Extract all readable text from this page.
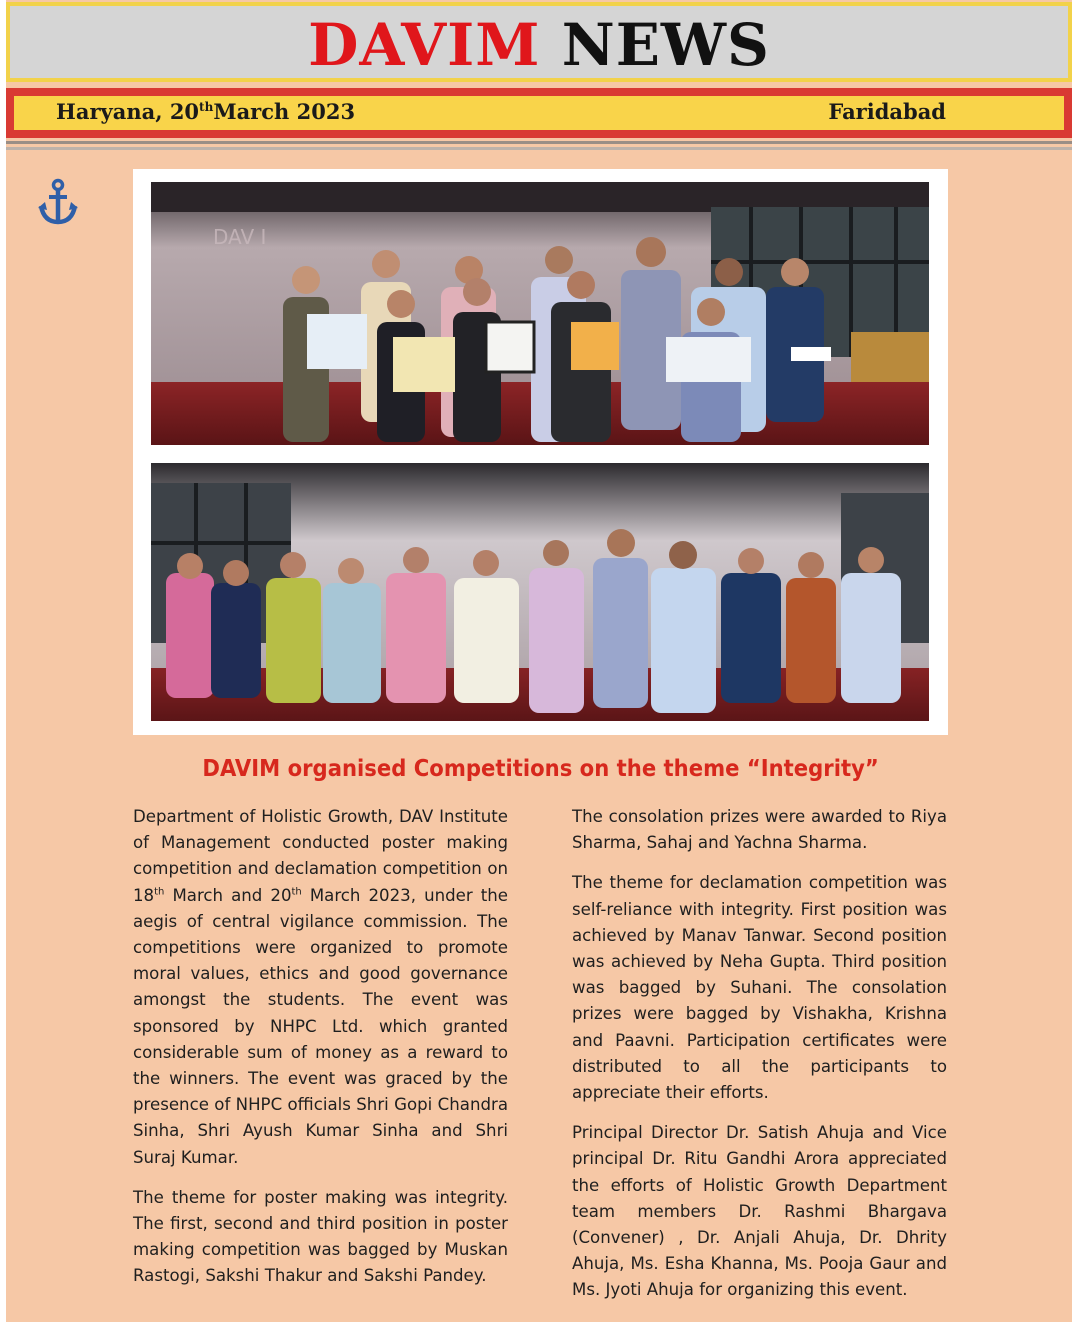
DAVIM NEWS
Haryana, 20thMarch 2023	Faridabad
DAV I
DAVIM organised Competitions on the theme “Integrity”

Department of Holistic Growth, DAV Institute of Management conducted poster making competition and declamation competition on 18th March and 20th March 2023, under the aegis of central vigilance commission. The competitions were organized to promote moral values, ethics and good governance amongst the students. The event was sponsored by NHPC Ltd. which granted considerable sum of money as a reward to the winners. The event was graced by the presence of NHPC officials Shri Gopi Chandra Sinha, Shri Ayush Kumar Sinha and Shri Suraj Kumar.

The theme for poster making was integrity. The first, second and third position in poster making competition was bagged by Muskan Rastogi, Sakshi Thakur and Sakshi Pandey.

The consolation prizes were awarded to Riya Sharma, Sahaj and Yachna Sharma.

The theme for declamation competition was self-reliance with integrity. First position was achieved by Manav Tanwar. Second position was achieved by Neha Gupta. Third position was bagged by Suhani. The consolation prizes were bagged by Vishakha, Krishna and Paavni. Participation certificates were distributed to all the participants to appreciate their efforts.

Principal Director Dr. Satish Ahuja and Vice principal Dr. Ritu Gandhi Arora appreciated the efforts of Holistic Growth Department team members Dr. Rashmi Bhargava (Convener) , Dr. Anjali Ahuja, Dr. Dhrity Ahuja, Ms. Esha Khanna, Ms. Pooja Gaur and Ms. Jyoti Ahuja for organizing this event.
